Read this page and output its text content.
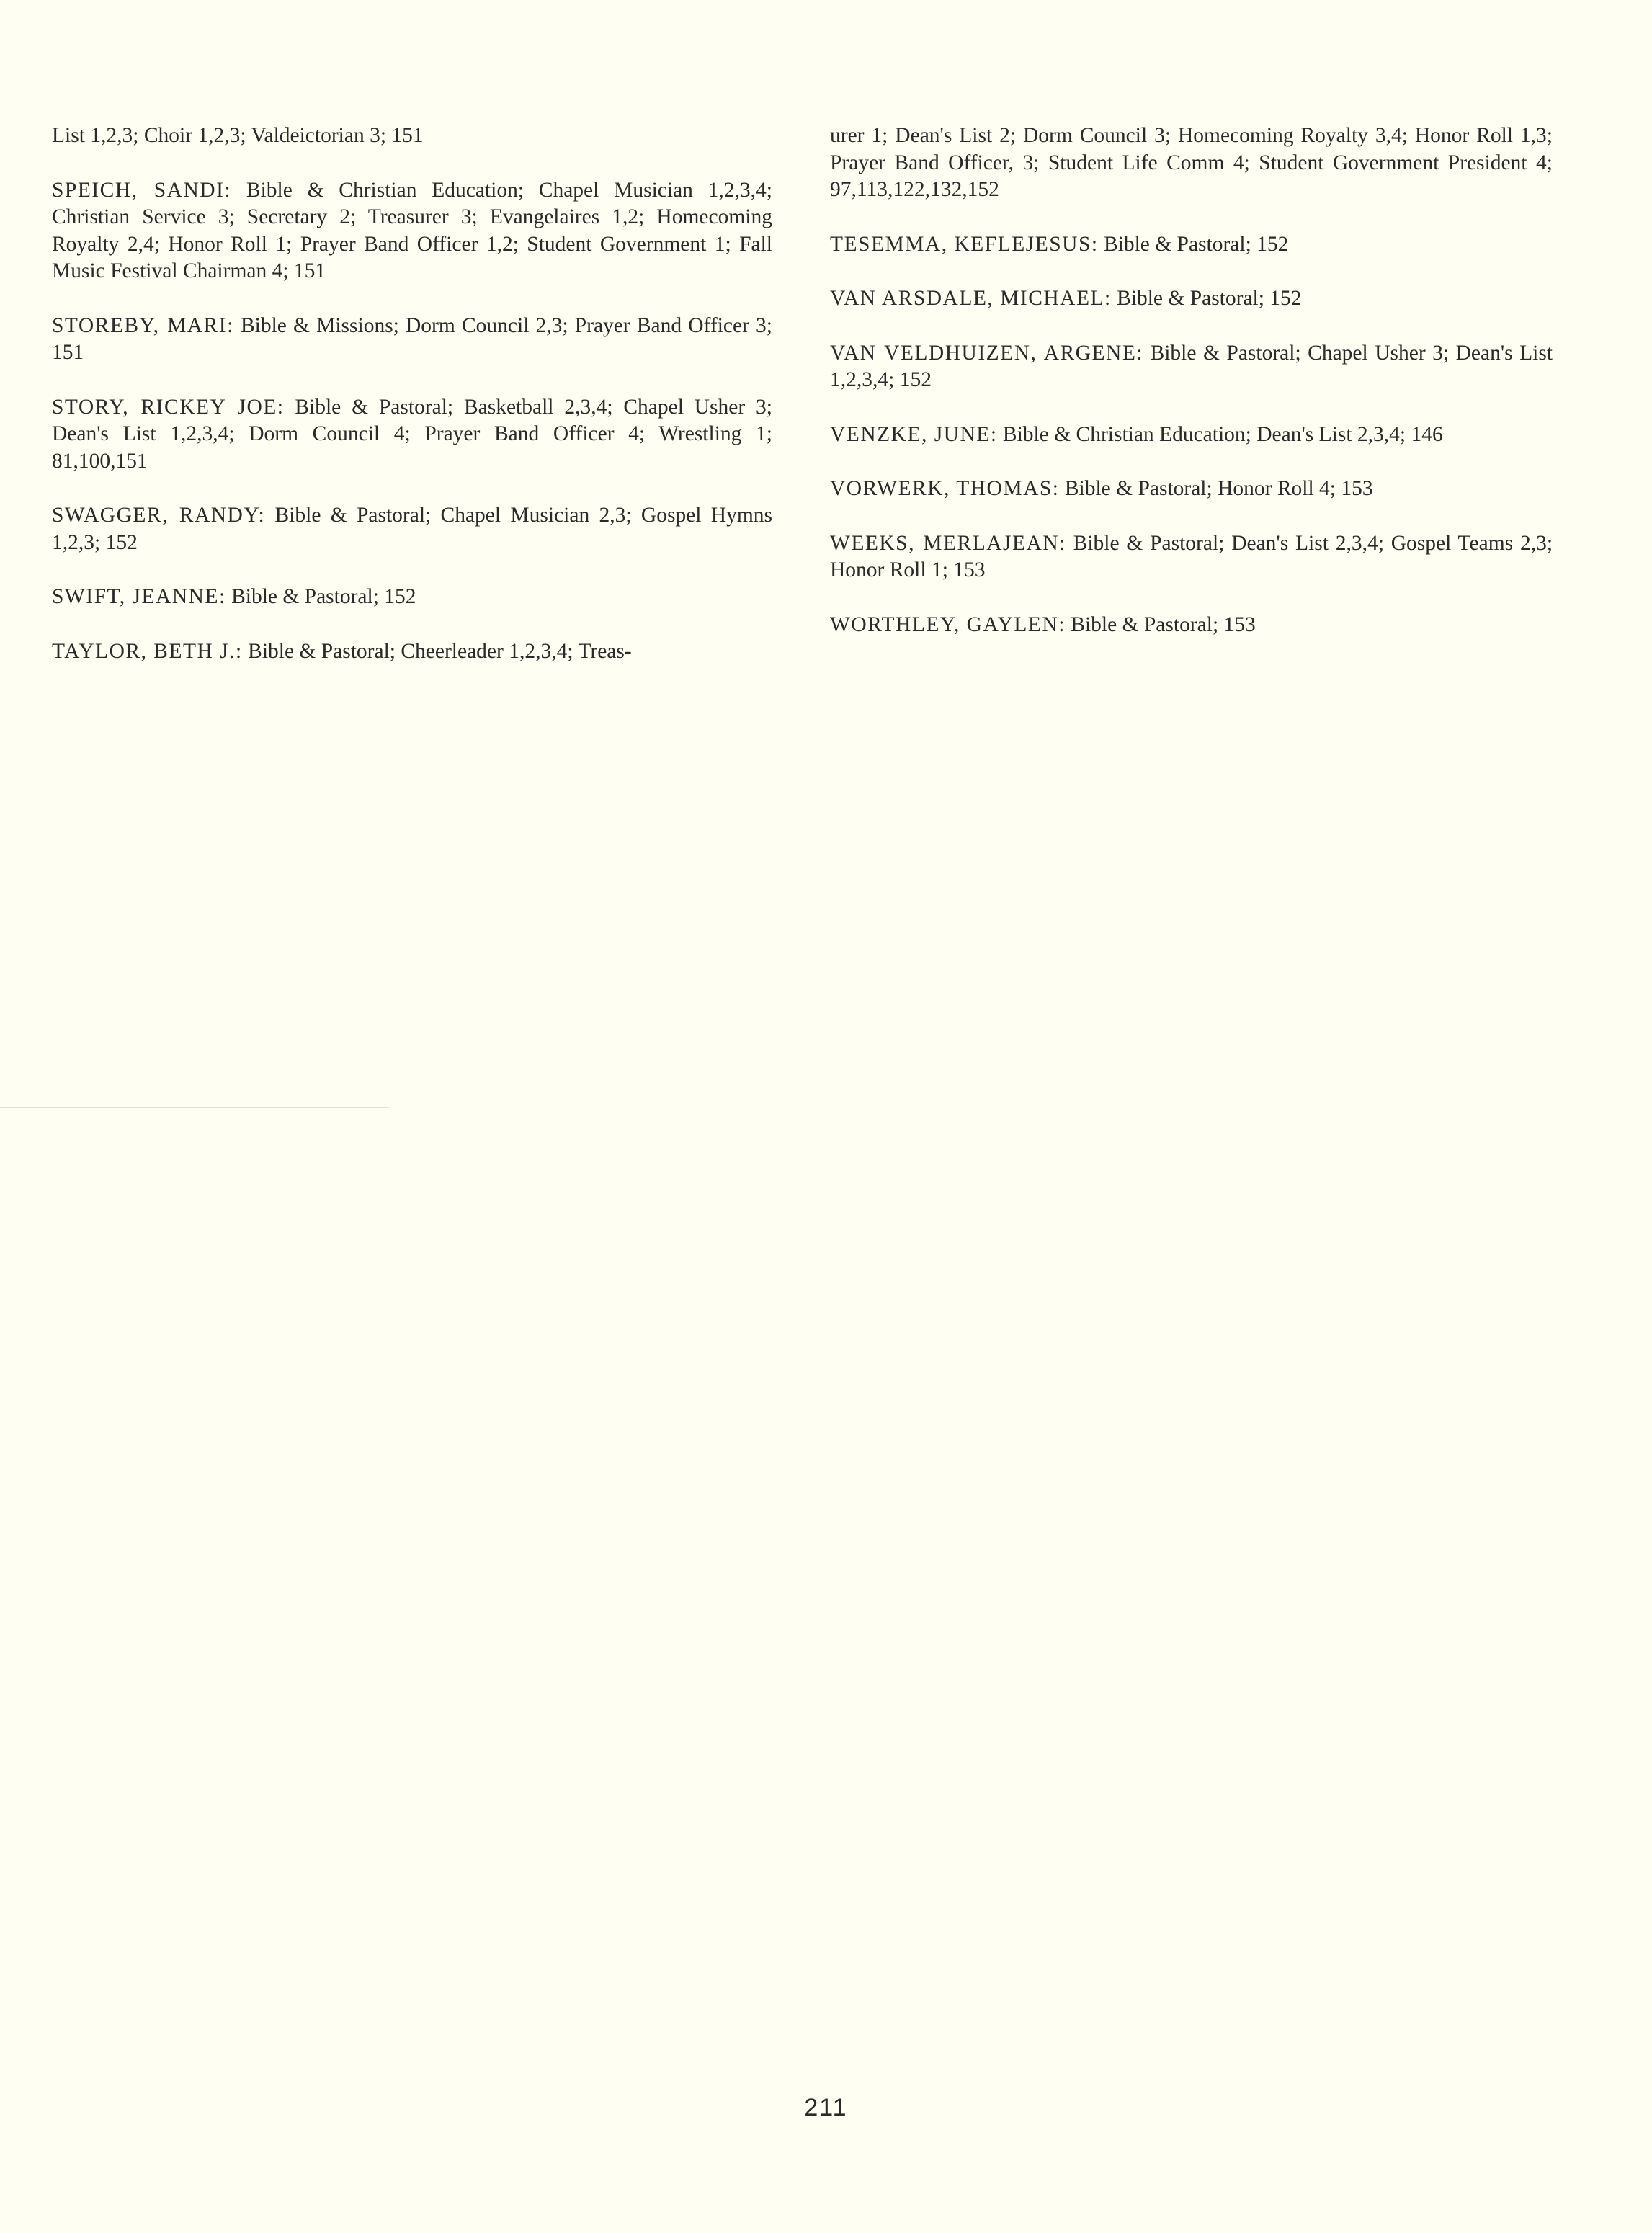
List 1,2,3; Choir 1,2,3; Valdeictorian 3; 151

SPEICH, SANDI: Bible & Christian Education; Chapel Musician 1,2,3,4; Christian Service 3; Secretary 2; Treasurer 3; Evangelaires 1,2; Homecoming Royalty 2,4; Honor Roll 1; Prayer Band Officer 1,2; Student Government 1; Fall Music Festival Chairman 4; 151

STOREBY, MARI: Bible & Missions; Dorm Council 2,3; Prayer Band Officer 3; 151

STORY, RICKEY JOE: Bible & Pastoral; Basketball 2,3,4; Chapel Usher 3; Dean's List 1,2,3,4; Dorm Council 4; Prayer Band Officer 4; Wrestling 1; 81,100,151

SWAGGER, RANDY: Bible & Pastoral; Chapel Musician 2,3; Gospel Hymns 1,2,3; 152

SWIFT, JEANNE: Bible & Pastoral; 152

TAYLOR, BETH J.: Bible & Pastoral; Cheerleader 1,2,3,4; Treas-

urer 1; Dean's List 2; Dorm Council 3; Homecoming Royalty 3,4; Honor Roll 1,3; Prayer Band Officer, 3; Student Life Comm 4; Student Government President 4; 97,113,122,132,152

TESEMMA, KEFLEJESUS: Bible & Pastoral; 152

VAN ARSDALE, MICHAEL: Bible & Pastoral; 152

VAN VELDHUIZEN, ARGENE: Bible & Pastoral; Chapel Usher 3; Dean's List 1,2,3,4; 152

VENZKE, JUNE: Bible & Christian Education; Dean's List 2,3,4; 146

VORWERK, THOMAS: Bible & Pastoral; Honor Roll 4; 153

WEEKS, MERLAJEAN: Bible & Pastoral; Dean's List 2,3,4; Gospel Teams 2,3; Honor Roll 1; 153

WORTHLEY, GAYLEN: Bible & Pastoral; 153

211
